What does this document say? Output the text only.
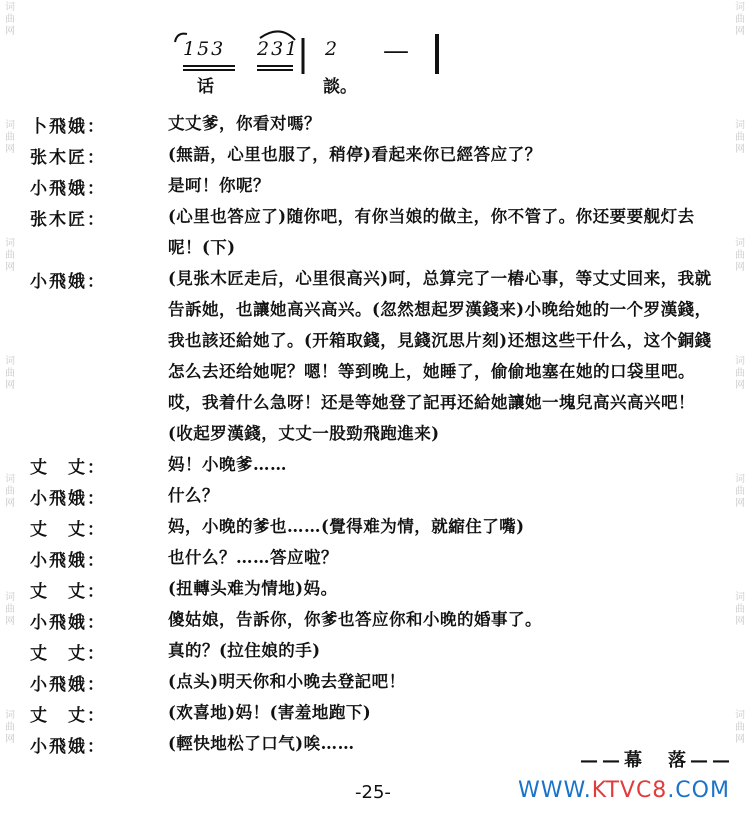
词
曲
网
词
曲
网
词
曲
网
词
曲
网
词
曲
网
词
曲
网
词
曲
网
词
曲
网
词
曲
网
词
曲
网
词
曲
网
词
曲
网
词
曲
网
词
曲
网
153 231 2 —
话	談。
卜飛娥：	丈丈爹，你看对嗎？
张木匠：	(無語，心里也服了，稍停)看起来你已經答应了？
小飛娥：	是呵！你呢？
张木匠：	(心里也答应了)随你吧，有你当娘的做主，你不管了。你还要要舰灯去呢！(下)
小飛娥：	(見张木匠走后，心里很高兴)呵，总算完了一樁心事，等丈丈回来，我就告訴她，也讓她高兴高兴。(忽然想起罗漢錢来)小晚给她的一个罗漢錢，我也該还給她了。(开箱取錢，見錢沉思片刻)还想这些干什么，这个銅錢怎么去还给她呢？嗯！等到晚上，她睡了，偷偷地塞在她的口袋里吧。哎，我着什么急呀！还是等她登了記再还給她讓她一塊兒高兴高兴吧！(收起罗漢錢，丈丈一股勁飛跑進来)
丈　丈：	妈！小晚爹……
小飛娥：	什么？
丈　丈：	妈，小晚的爹也……(覺得难为情，就縮住了嘴)
小飛娥：	也什么？……答应啦？
丈　丈：	(扭轉头难为情地)妈。
小飛娥：	傻姑娘，告訴你，你爹也答应你和小晚的婚事了。
丈　丈：	真的？(拉住娘的手)
小飛娥：	(点头)明天你和小晚去登記吧！
丈　丈：	(欢喜地)妈！(害羞地跑下)
小飛娥：	(輕快地松了口气)唉……
——幕　落——
-25-	WWW.KTVC8.COM
